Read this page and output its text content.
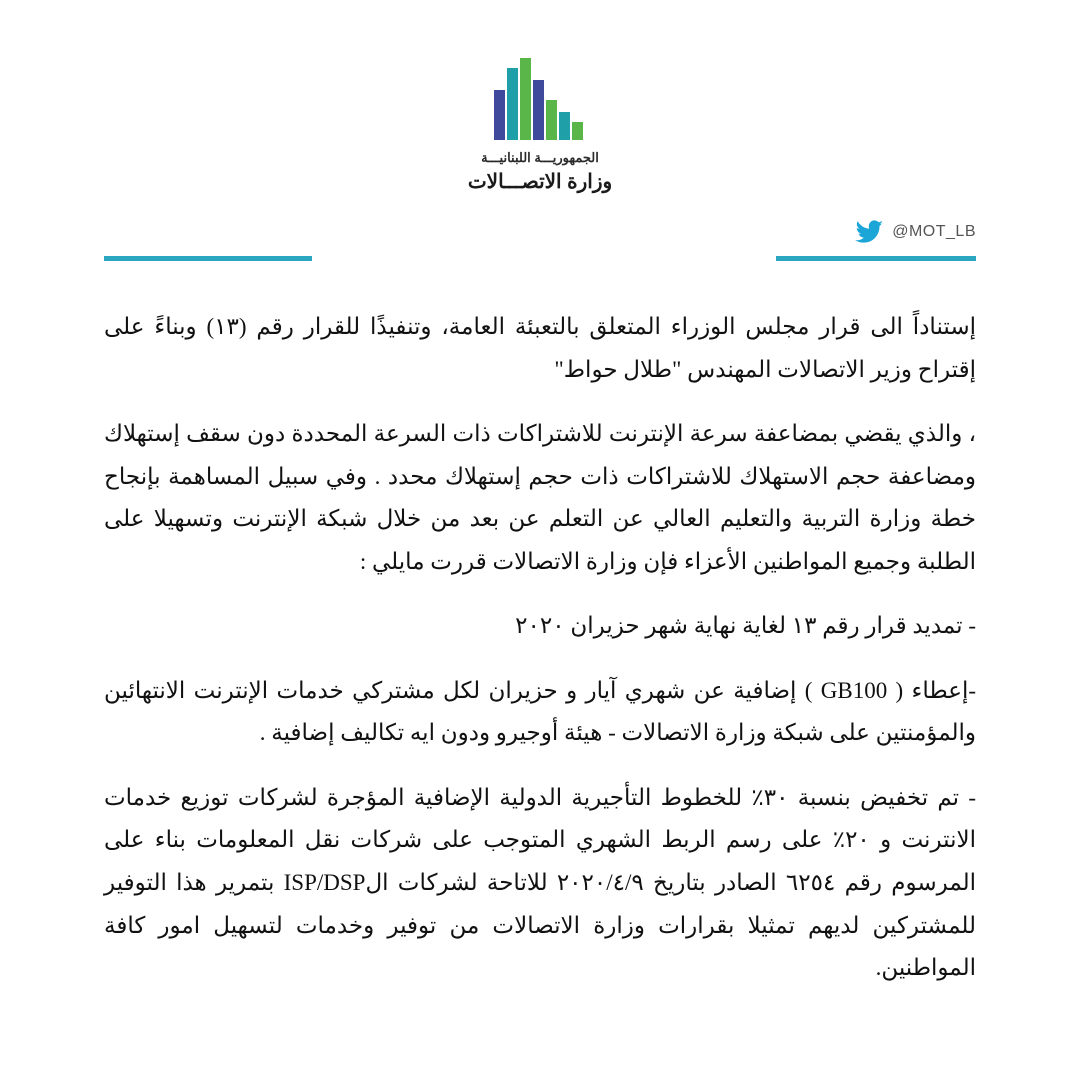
الجمهوريـــة اللبنانيـــة
وزارة الاتصـــالات
@MOT_LB

إستناداً الى قرار مجلس الوزراء المتعلق بالتعبئة العامة، وتنفيذًا للقرار رقم (١٣) وبناءً على إقتراح وزير الاتصالات المهندس "طلال حواط"

، والذي يقضي بمضاعفة سرعة الإنترنت للاشتراكات ذات السرعة المحددة دون سقف إستهلاك ومضاعفة حجم الاستهلاك للاشتراكات ذات حجم إستهلاك محدد . وفي سبيل المساهمة بإنجاح خطة وزارة التربية والتعليم العالي عن التعلم عن بعد من خلال شبكة الإنترنت وتسهيلا على الطلبة وجميع المواطنين الأعزاء فإن وزارة الاتصالات قررت مايلي :

- تمديد قرار رقم ١٣ لغاية نهاية شهر حزيران ٢٠٢٠

-إعطاء ( GB100 ) إضافية عن شهري آيار و حزيران لكل مشتركي خدمات الإنترنت الانتهائين والمؤمنتين على شبكة وزارة الاتصالات - هيئة أوجيرو ودون ايه تكاليف إضافية .

- تم تخفيض بنسبة ٣٠٪ للخطوط التأجيرية الدولية الإضافية المؤجرة لشركات توزيع خدمات الانترنت و ٢٠٪ على رسم الربط الشهري المتوجب على شركات نقل المعلومات بناء على المرسوم رقم ٦٢٥٤ الصادر بتاريخ ٢٠٢٠/٤/٩ للاتاحة لشركات الISP/DSP بتمرير هذا التوفير للمشتركين لديهم تمثيلا بقرارات وزارة الاتصالات من توفير وخدمات لتسهيل امور كافة المواطنين.
